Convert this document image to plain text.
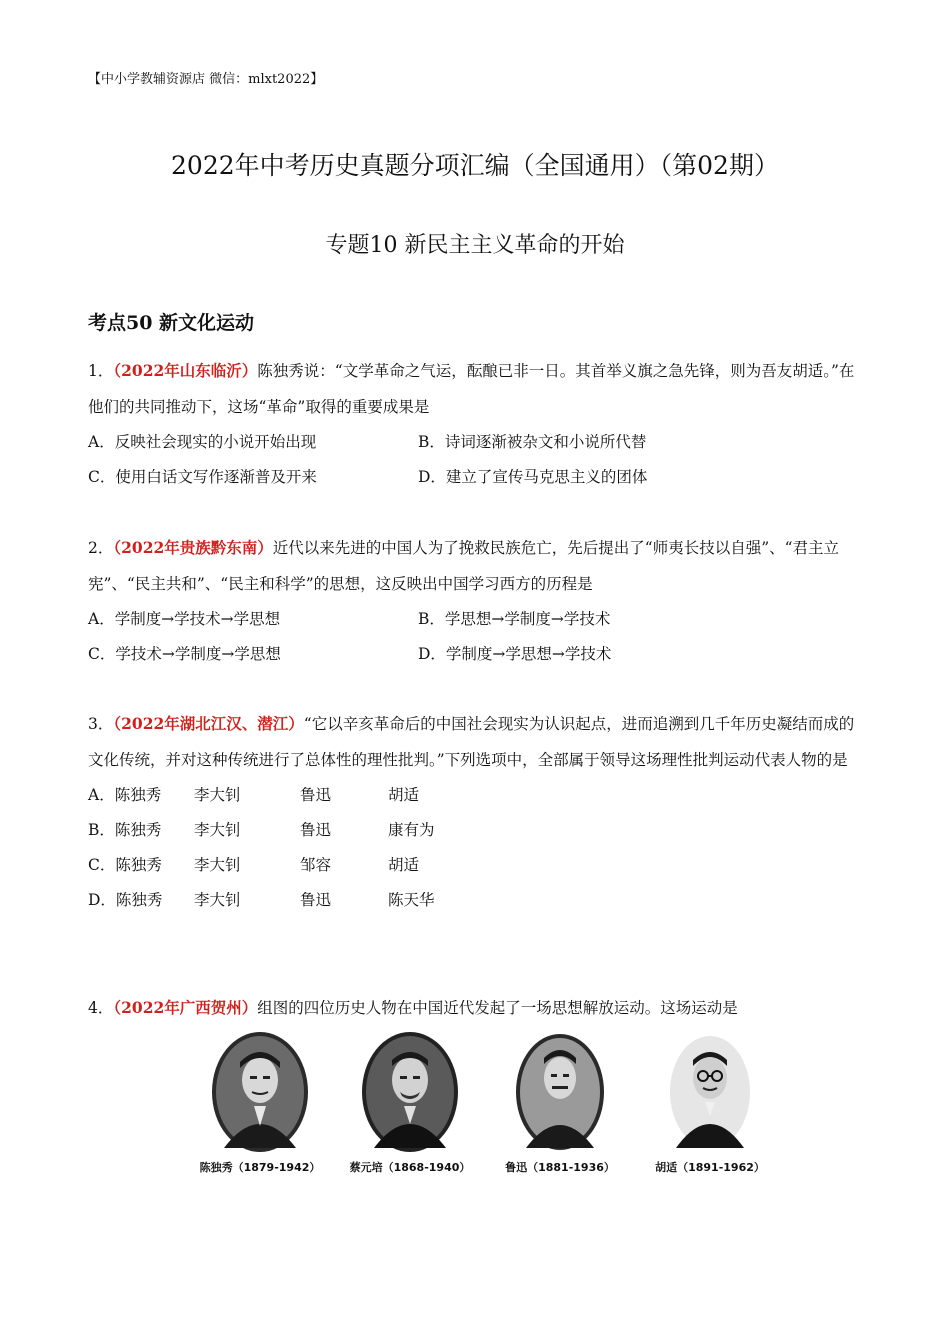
【中小学教辅资源店 微信：mlxt2022】
2022年中考历史真题分项汇编（全国通用）（第02期）
专题10 新民主主义革命的开始
考点50 新文化运动

1．（2022年山东临沂）陈独秀说：“文学革命之气运，酝酿已非一日。其首举义旗之急先锋，则为吾友胡适。”在他们的共同推动下，这场“革命”取得的重要成果是

A．反映社会现实的小说开始出现	B．诗词逐渐被杂文和小说所代替
C．使用白话文写作逐渐普及开来	D．建立了宣传马克思主义的团体

2．（2022年贵族黔东南）近代以来先进的中国人为了挽救民族危亡，先后提出了“师夷长技以自强”、“君主立宪”、“民主共和”、“民主和科学”的思想，这反映出中国学习西方的历程是

A．学制度→学技术→学思想	B．学思想→学制度→学技术
C．学技术→学制度→学思想	D．学制度→学思想→学技术

3．（2022年湖北江汉、潜江）“它以辛亥革命后的中国社会现实为认识起点，进而追溯到几千年历史凝结而成的文化传统，并对这种传统进行了总体性的理性批判。”下列选项中，全部属于领导这场理性批判运动代表人物的是

A．陈独秀	李大钊	鲁迅	胡适
B．陈独秀	李大钊	鲁迅	康有为
C．陈独秀	李大钊	邹容	胡适
D．陈独秀	李大钊	鲁迅	陈天华

4．（2022年广西贺州）组图的四位历史人物在中国近代发起了一场思想解放运动。这场运动是

陈独秀（1879-1942）	蔡元培（1868-1940）	鲁迅（1881-1936）	胡适（1891-1962）
